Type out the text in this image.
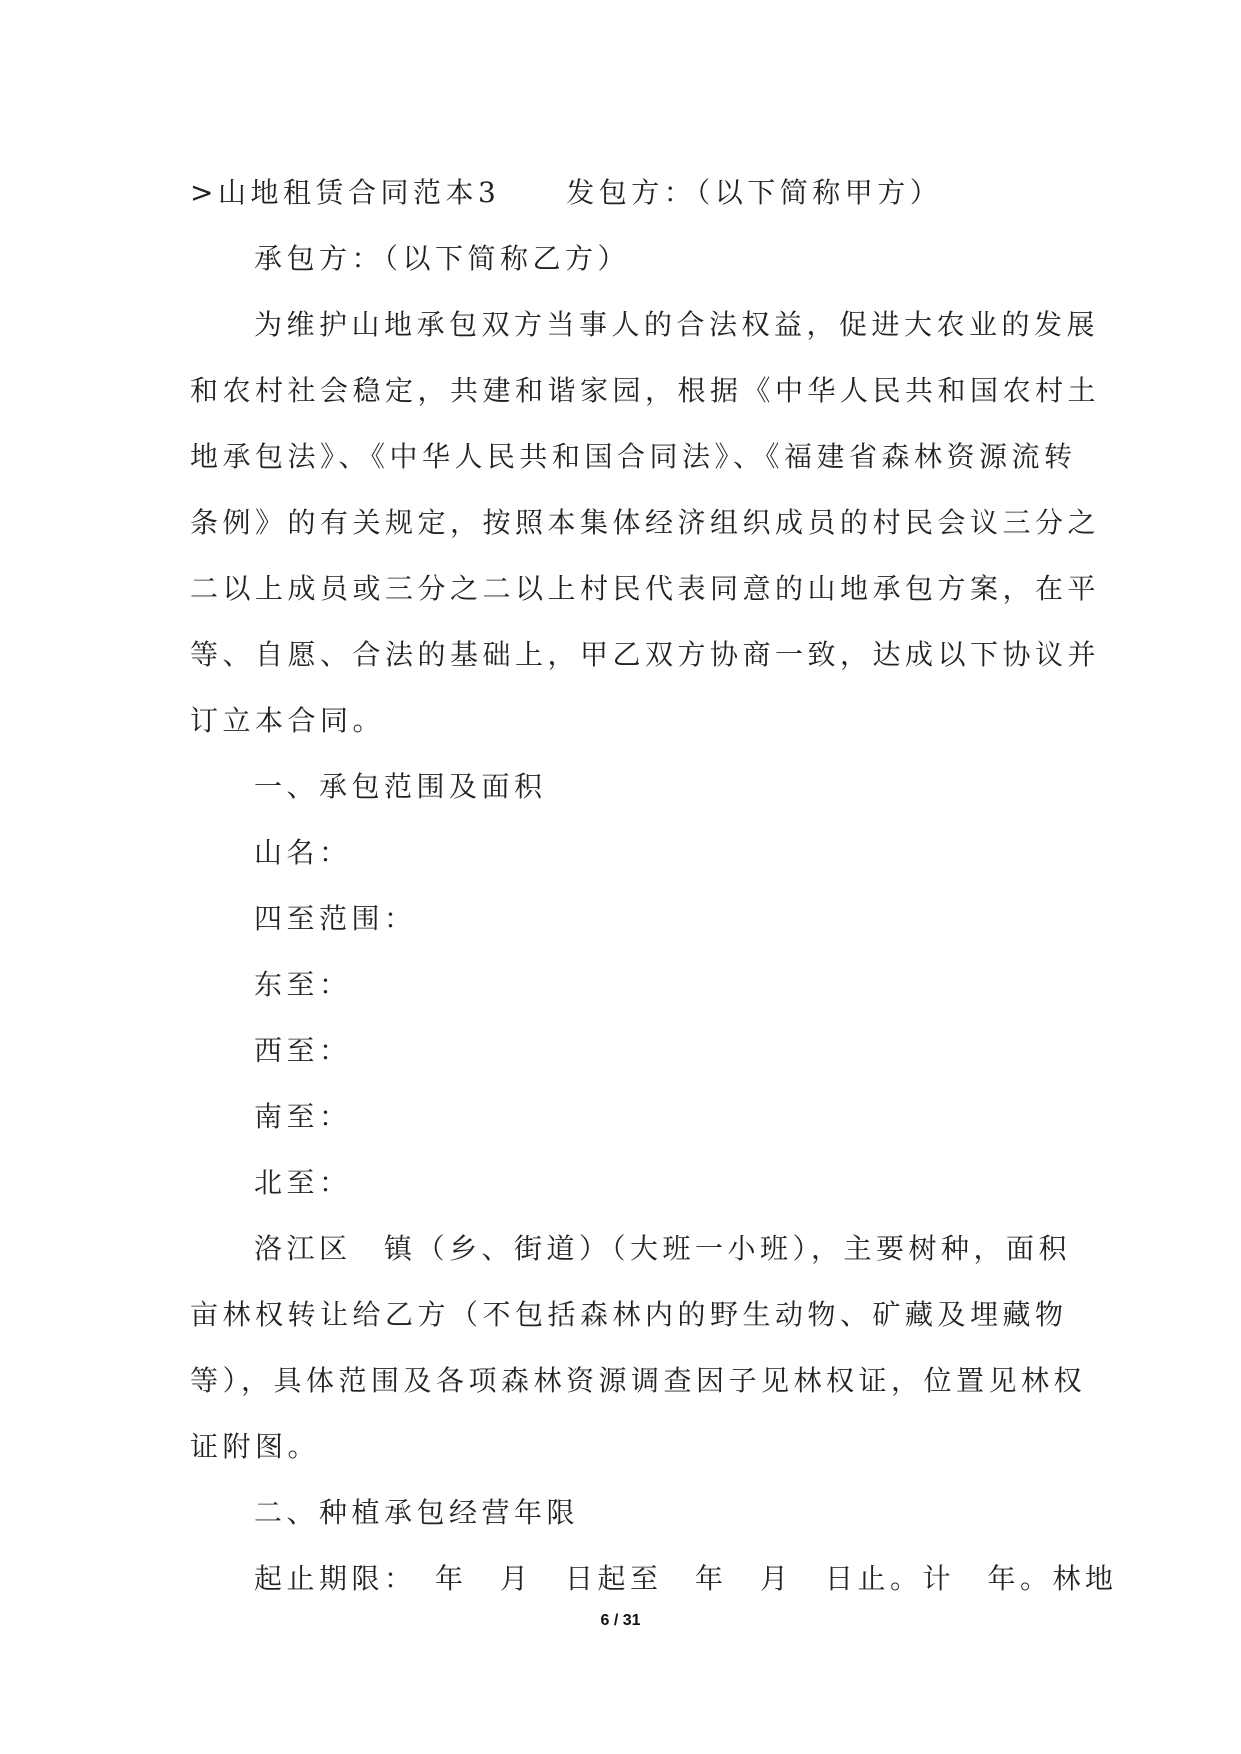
>山地租赁合同范本3 发包方：（以下简称甲方）
承包方：（以下简称乙方）
为维护山地承包双方当事人的合法权益，促进大农业的发展
和农村社会稳定，共建和谐家园，根据《中华人民共和国农村土
地承包法》、《中华人民共和国合同法》、《福建省森林资源流转
条例》的有关规定，按照本集体经济组织成员的村民会议三分之
二以上成员或三分之二以上村民代表同意的山地承包方案，在平
等、自愿、合法的基础上，甲乙双方协商一致，达成以下协议并
订立本合同。
一、承包范围及面积
山名：
四至范围：
东至：
西至：
南至：
北至：
洛江区　镇（乡、街道）（大班一小班），主要树种，面积
亩林权转让给乙方（不包括森林内的野生动物、矿藏及埋藏物
等），具体范围及各项森林资源调查因子见林权证，位置见林权
证附图。
二、种植承包经营年限
起止期限：　年　月　日起至　年　月　日止。计　年。林地
6 / 31
